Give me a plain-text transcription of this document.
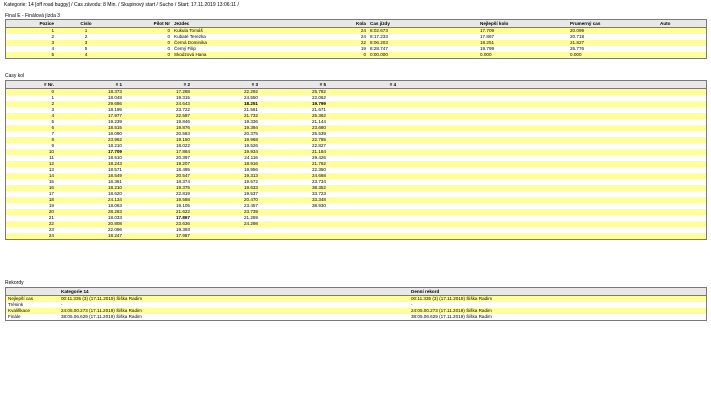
Kategorie: 14 [off road buggy] / Cas závodu: 8 Min. / Skupinový start / Sucho / Start: 17.11.2019 13:06:11 /
Final E - Finálová jízda 3
Pozice	Císlo	Pilot Nr	Jezdec	Kola	Cas jízdy	Nejlepší kolo	Prumerný cas	Auto
1	1	0	Kukula Tomáš	24	8:02.673	17.709	20.099	
2	2	0	Kubaté Terezka	24	8:17.233	17.867	20.718	
3	3	0	Černá Dominika	22	8:06.203	18.251	21.827	
4	5	0	Černý Filip	19	8:28.747	19.799	26.776	
5	4	0	Skodzová Hana	0	0:00.000	0.000	0.000	
Casy kol
# Nr.	# 1	# 2	# 3	# 5	# 4	
0	18.373	17.288	22.292	25.782		
1	18.048	19.315	24.550	22.062		
2	29.686	24.643	18.251	19.799		
3	18.195	23.722	21.561	21.671		
4	17.977	22.587	21.732	25.362		
5	19.239	19.846	19.336	21.144		
6	18.515	19.876	19.394	23.680		
7	18.090	20.583	20.375	25.539		
8	23.962	19.150	19.968	22.785		
9	18.210	18.022	19.526	22.827		
10	17.709	17.864	19.934	21.184		
11	18.510	20.397	24.116	29.426		
12	18.243	19.207	18.916	21.762		
13	18.571	18.495	19.956	22.350		
14	18.549	20.547	19.313	24.668		
15	18.361	18.374	19.572	23.734		
16	18.210	19.375	19.633	38.352		
17	18.620	22.819	19.537	33.723		
18	24.134	19.588	20.470	33.348		
19	18.063	19.105	23.457	38.930		
20	28.263	21.622	23.739			
21	18.033	17.867	21.259			
22	20.808	23.636	24.298			
23	22.096	19.393				
24	18.247	17.987				
Rekordy
	Kategorie 14		Denní rekord
Nejlepší cas	00:11.335 (3) (17.11.2019) Šiška Radim		00:11.335 (3) (17.11.2019) Šiška Radim
Trénink	-		-
Kvalifikace	24:05.00.273 (17.11.2019) Šiška Radim		24:05.00.273 (17.11.2019) Šiška Radim
Finále	38:05.06.629 (17.11.2019) Šiška Radim		38:05.06.629 (17.11.2019) Šiška Radim
